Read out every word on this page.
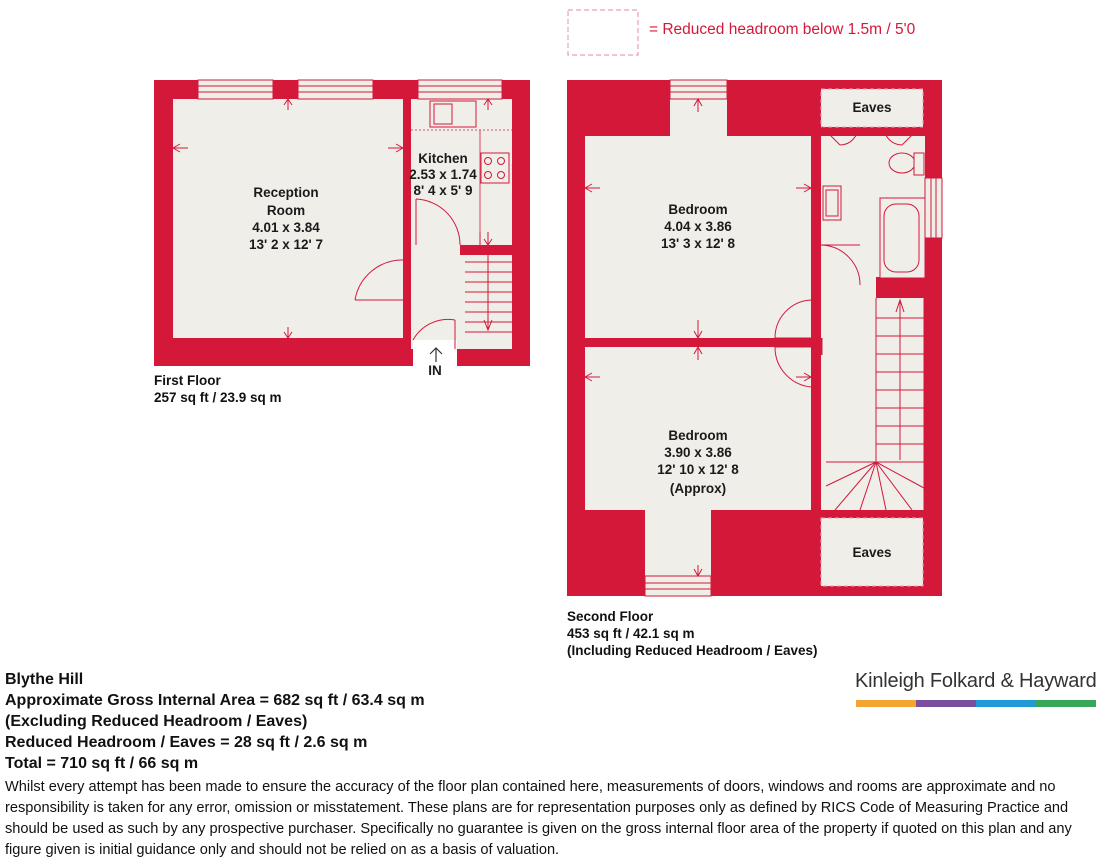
IN
Reception
Room
4.01 x 3.84
13' 2 x 12' 7
Kitchen
2.53 x 1.74
8' 4 x 5' 9
Bedroom
4.04 x 3.86
13' 3 x 12' 8
Bedroom
3.90 x 3.86
12' 10 x 12' 8
(Approx)
Eaves
Eaves
= Reduced headroom below 1.5m / 5'0
First Floor
257 sq ft / 23.9 sq m
Second Floor
453 sq ft / 42.1 sq m
(Including Reduced Headroom / Eaves)
Blythe Hill
Approximate Gross Internal Area = 682 sq ft / 63.4 sq m
(Excluding Reduced Headroom / Eaves)
Reduced Headroom / Eaves = 28 sq ft / 2.6 sq m
Total = 710 sq ft / 66 sq m
Whilst every attempt has been made to ensure the accuracy of the floor plan contained here, measurements of doors, windows and rooms are approximate and no responsibility is taken for any error, omission or misstatement. These plans are for representation purposes only as defined by RICS Code of Measuring Practice and should be used as such by any prospective purchaser. Specifically no guarantee is given on the gross internal floor area of the property if quoted on this plan and any figure given is initial guidance only and should not be relied on as a basis of valuation.
Kinleigh Folkard & Hayward
